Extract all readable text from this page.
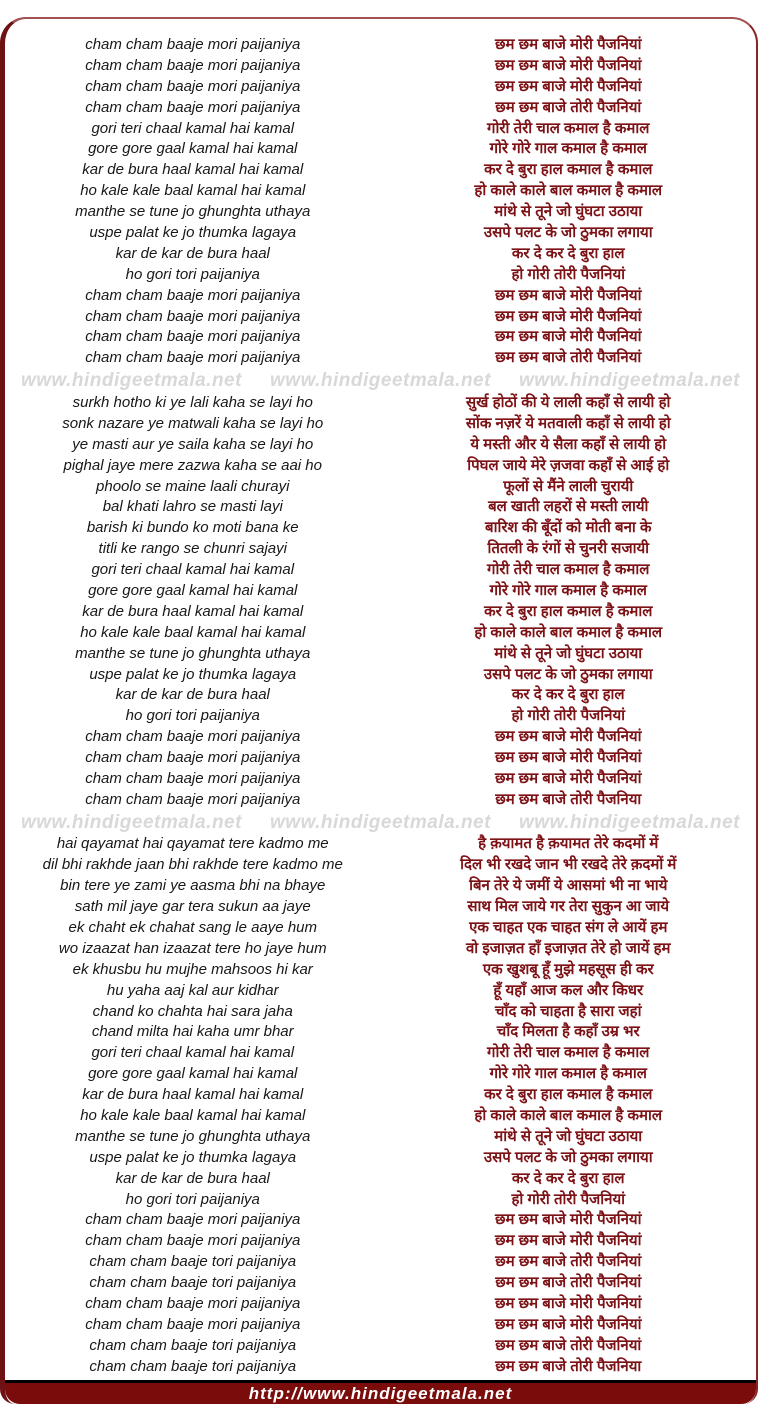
cham cham baaje mori paijaniya
cham cham baaje mori paijaniya
cham cham baaje mori paijaniya
cham cham baaje mori paijaniya
gori teri chaal kamal hai kamal
gore gore gaal kamal hai kamal
kar de bura haal kamal hai kamal
ho kale kale baal kamal hai kamal
manthe se tune jo ghunghta uthaya
uspe palat ke jo thumka lagaya
kar de kar de bura haal
ho gori tori paijaniya
cham cham baaje mori paijaniya
cham cham baaje mori paijaniya
cham cham baaje mori paijaniya
cham cham baaje mori paijaniya
छम छम बाजे मोरी पैजनियां
छम छम बाजे मोरी पैजनियां
छम छम बाजे मोरी पैजनियां
छम छम बाजे तोरी पैजनियां
गोरी तेरी चाल कमाल है कमाल
गोरे गोरे गाल कमाल है कमाल
कर दे बुरा हाल कमाल है कमाल
हो काले काले बाल कमाल है कमाल
मांथे से तूने जो घुंघटा उठाया
उसपे पलट के जो ठुमका लगाया
कर दे कर दे बुरा हाल
हो गोरी तोरी पैजनियां
छम छम बाजे मोरी पैजनियां
छम छम बाजे मोरी पैजनियां
छम छम बाजे मोरी पैजनियां
छम छम बाजे तोरी पैजनियां
www.hindigeetmala.net www.hindigeetmala.net www.hindigeetmala.net
surkh hotho ki ye lali kaha se layi ho
sonk nazare ye matwali kaha se layi ho
ye masti aur ye saila kaha se layi ho
pighal jaye mere zazwa kaha se aai ho
phoolo se maine laali churayi
bal khati lahro se masti layi
barish ki bundo ko moti bana ke
titli ke rango se chunri sajayi
gori teri chaal kamal hai kamal
gore gore gaal kamal hai kamal
kar de bura haal kamal hai kamal
ho kale kale baal kamal hai kamal
manthe se tune jo ghunghta uthaya
uspe palat ke jo thumka lagaya
kar de kar de bura haal
ho gori tori paijaniya
cham cham baaje mori paijaniya
cham cham baaje mori paijaniya
cham cham baaje mori paijaniya
cham cham baaje mori paijaniya
सुर्ख होठों की ये लाली कहाँ से लायी हो
सोंक नज़रें ये मतवाली कहाँ से लायी हो
ये मस्ती और ये सैला कहाँ से लायी हो
पिघल जाये मेरे ज़जवा कहाँ से आई हो
फूलों से मैंने लाली चुरायी
बल खाती लहरों से मस्ती लायी
बारिश की बूँदों को मोती बना के
तितली के रंगों से चुनरी सजायी
गोरी तेरी चाल कमाल है कमाल
गोरे गोरे गाल कमाल है कमाल
कर दे बुरा हाल कमाल है कमाल
हो काले काले बाल कमाल है कमाल
मांथे से तूने जो घुंघटा उठाया
उसपे पलट के जो ठुमका लगाया
कर दे कर दे बुरा हाल
हो गोरी तोरी पैजनियां
छम छम बाजे मोरी पैजनियां
छम छम बाजे मोरी पैजनियां
छम छम बाजे मोरी पैजनियां
छम छम बाजे तोरी पैजनिया
www.hindigeetmala.net www.hindigeetmala.net www.hindigeetmala.net
hai qayamat hai qayamat tere kadmo me
dil bhi rakhde jaan bhi rakhde tere kadmo me
bin tere ye zami ye aasma bhi na bhaye
sath mil jaye gar tera sukun aa jaye
ek chaht ek chahat sang le aaye hum
wo izaazat han izaazat tere ho jaye hum
ek khusbu hu mujhe mahsoos hi kar
hu yaha aaj kal aur kidhar
chand ko chahta hai sara jaha
chand milta hai kaha umr bhar
gori teri chaal kamal hai kamal
gore gore gaal kamal hai kamal
kar de bura haal kamal hai kamal
ho kale kale baal kamal hai kamal
manthe se tune jo ghunghta uthaya
uspe palat ke jo thumka lagaya
kar de kar de bura haal
ho gori tori paijaniya
cham cham baaje mori paijaniya
cham cham baaje mori paijaniya
cham cham baaje tori paijaniya
cham cham baaje tori paijaniya
cham cham baaje mori paijaniya
cham cham baaje mori paijaniya
cham cham baaje tori paijaniya
cham cham baaje tori paijaniya
है क़यामत है क़यामत तेरे कदमों में
दिल भी रखदे जान भी रखदे तेरे क़दमों में
बिन तेरे ये जमीं ये आसमां भी ना भाये
साथ मिल जाये गर तेरा सुकुन आ जाये
एक चाहत एक चाहत संग ले आयें हम
वो इजाज़त हाँ इजाज़त तेरे हो जायें हम
एक खुशबू हूँ मुझे महसूस ही कर
हूँ यहाँ आज कल और किधर
चाँद को चाहता है सारा जहां
चाँद मिलता है कहाँ उम्र भर
गोरी तेरी चाल कमाल है कमाल
गोरे गोरे गाल कमाल है कमाल
कर दे बुरा हाल कमाल है कमाल
हो काले काले बाल कमाल है कमाल
मांथे से तूने जो घुंघटा उठाया
उसपे पलट के जो ठुमका लगाया
कर दे कर दे बुरा हाल
हो गोरी तोरी पैजनियां
छम छम बाजे मोरी पैजनियां
छम छम बाजे मोरी पैजनियां
छम छम बाजे तोरी पैजनियां
छम छम बाजे तोरी पैजनियां
छम छम बाजे मोरी पैजनियां
छम छम बाजे मोरी पैजनियां
छम छम बाजे तोरी पैजनियां
छम छम बाजे तोरी पैजनिया
http://www.hindigeetmala.net
